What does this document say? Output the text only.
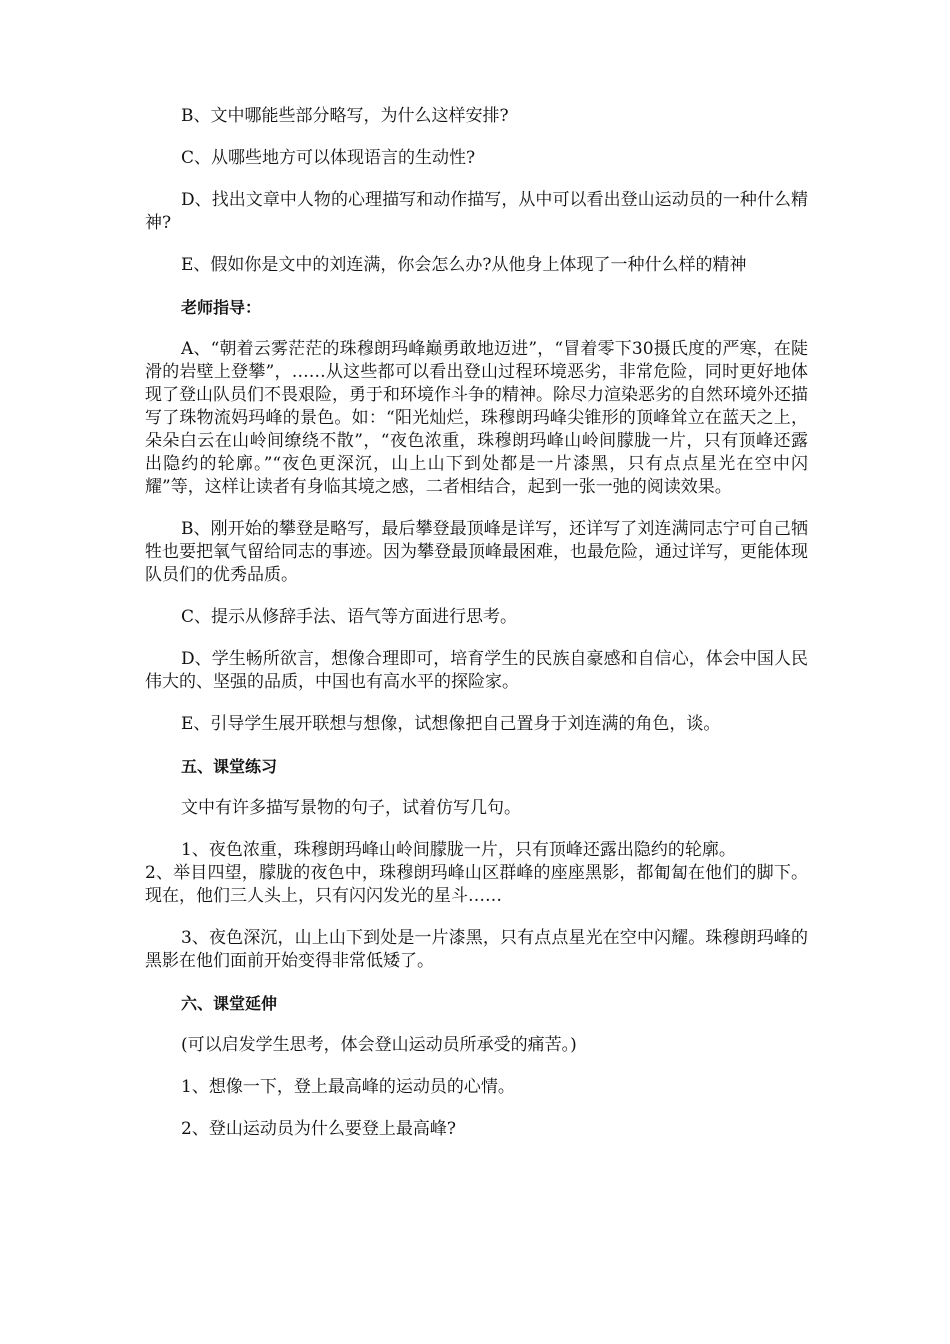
B、文中哪能些部分略写，为什么这样安排?

C、从哪些地方可以体现语言的生动性?

D、找出文章中人物的心理描写和动作描写，从中可以看出登山运动员的一种什么精神?

E、假如你是文中的刘连满，你会怎么办?从他身上体现了一种什么样的精神

老师指导：

A、“朝着云雾茫茫的珠穆朗玛峰巅勇敢地迈进”，“冒着零下30摄氏度的严寒，在陡滑的岩壁上登攀”，……从这些都可以看出登山过程环境恶劣，非常危险，同时更好地体现了登山队员们不畏艰险，勇于和环境作斗争的精神。除尽力渲染恶劣的自然环境外还描写了珠物流妈玛峰的景色。如：“阳光灿烂，珠穆朗玛峰尖锥形的顶峰耸立在蓝天之上，朵朵白云在山岭间缭绕不散”，“夜色浓重，珠穆朗玛峰山岭间朦胧一片，只有顶峰还露出隐约的轮廓。”“夜色更深沉，山上山下到处都是一片漆黑，只有点点星光在空中闪耀”等，这样让读者有身临其境之感，二者相结合，起到一张一弛的阅读效果。

B、刚开始的攀登是略写，最后攀登最顶峰是详写，还详写了刘连满同志宁可自己牺牲也要把氧气留给同志的事迹。因为攀登最顶峰最困难，也最危险，通过详写，更能体现队员们的优秀品质。

C、提示从修辞手法、语气等方面进行思考。

D、学生畅所欲言，想像合理即可，培育学生的民族自豪感和自信心，体会中国人民伟大的、坚强的品质，中国也有高水平的探险家。

E、引导学生展开联想与想像，试想像把自己置身于刘连满的角色，谈。

五、课堂练习

文中有许多描写景物的句子，试着仿写几句。

1、夜色浓重，珠穆朗玛峰山岭间朦胧一片，只有顶峰还露出隐约的轮廓。
2、举目四望，朦胧的夜色中，珠穆朗玛峰山区群峰的座座黑影，都匍匐在他们的脚下。现在，他们三人头上，只有闪闪发光的星斗……

3、夜色深沉，山上山下到处是一片漆黑，只有点点星光在空中闪耀。珠穆朗玛峰的黑影在他们面前开始变得非常低矮了。

六、课堂延伸

(可以启发学生思考，体会登山运动员所承受的痛苦。)

1、想像一下，登上最高峰的运动员的心情。

2、登山运动员为什么要登上最高峰?
